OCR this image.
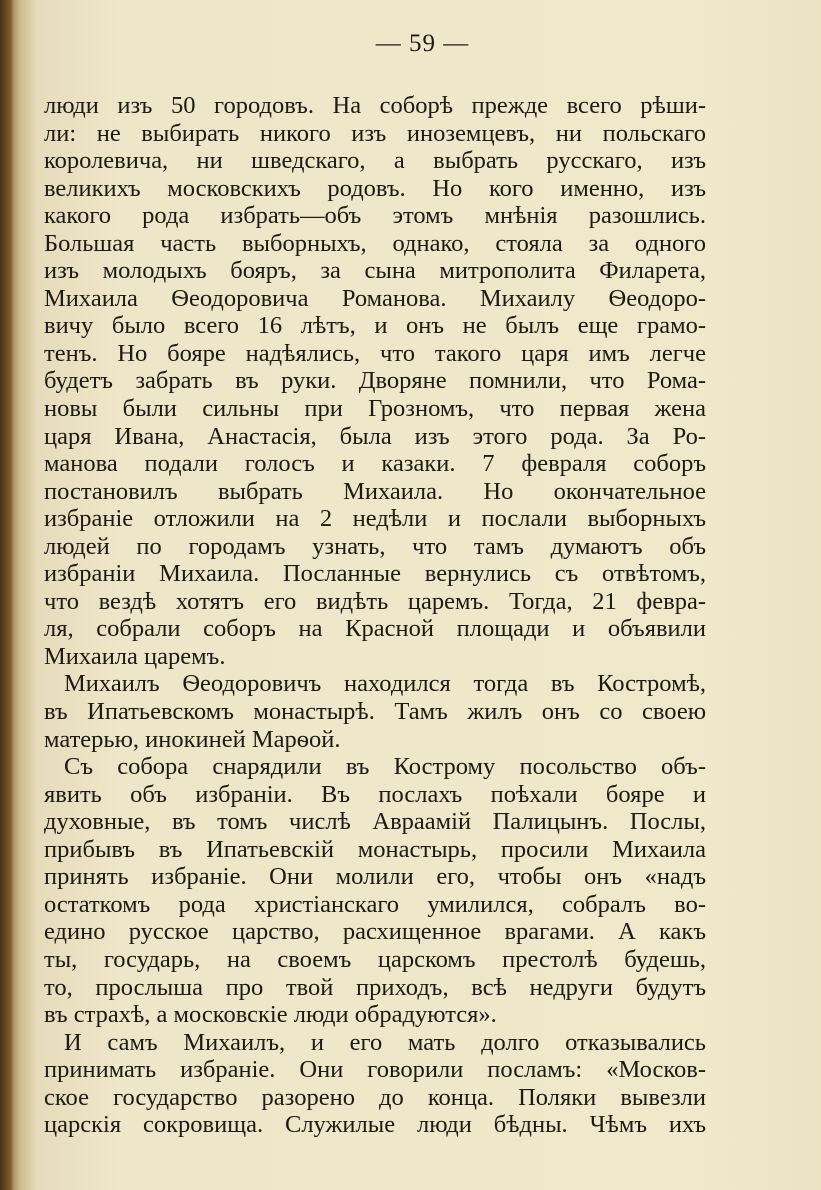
— 59 —
люди изъ 50 городовъ. На соборѣ прежде всего рѣши-
ли: не выбирать никого изъ иноземцевъ, ни польскаго
королевича, ни шведскаго, а выбрать русскаго, изъ
великихъ московскихъ родовъ. Но кого именно, изъ
какого рода избрать—объ этомъ мнѣнія разошлись.
Большая часть выборныхъ, однако, стояла за одного
изъ молодыхъ бояръ, за сына митрополита Филарета,
Михаила Ѳеодоровича Романова. Михаилу Ѳеодоро-
вичу было всего 16 лѣтъ, и онъ не былъ еще грамо-
тенъ. Но бояре надѣялись, что такого царя имъ легче
будетъ забрать въ руки. Дворяне помнили, что Рома-
новы были сильны при Грозномъ, что первая жена
царя Ивана, Анастасія, была изъ этого рода. За Ро-
манова подали голосъ и казаки. 7 февраля соборъ
постановилъ выбрать Михаила. Но окончательное
избраніе отложили на 2 недѣли и послали выборныхъ
людей по городамъ узнать, что тамъ думаютъ объ
избраніи Михаила. Посланные вернулись съ отвѣтомъ,
что вездѣ хотятъ его видѣть царемъ. Тогда, 21 февра-
ля, собрали соборъ на Красной площади и объявили
Михаила царемъ.
Михаилъ Ѳеодоровичъ находился тогда въ Костромѣ,
въ Ипатьевскомъ монастырѣ. Тамъ жилъ онъ со своею
матерью, инокиней Марѳой.
Съ собора снарядили въ Кострому посольство объ-
явить объ избраніи. Въ послахъ поѣхали бояре и
духовные, въ томъ числѣ Авраамій Палицынъ. Послы,
прибывъ въ Ипатьевскій монастырь, просили Михаила
принять избраніе. Они молили его, чтобы онъ «надъ
остаткомъ рода христіанскаго умилился, собралъ во-
едино русское царство, расхищенное врагами. А какъ
ты, государь, на своемъ царскомъ престолѣ будешь,
то, прослыша про твой приходъ, всѣ недруги будутъ
въ страхѣ, а московскіе люди обрадуются».
И самъ Михаилъ, и его мать долго отказывались
принимать избраніе. Они говорили посламъ: «Москов-
ское государство разорено до конца. Поляки вывезли
царскія сокровища. Служилые люди бѣдны. Чѣмъ ихъ
